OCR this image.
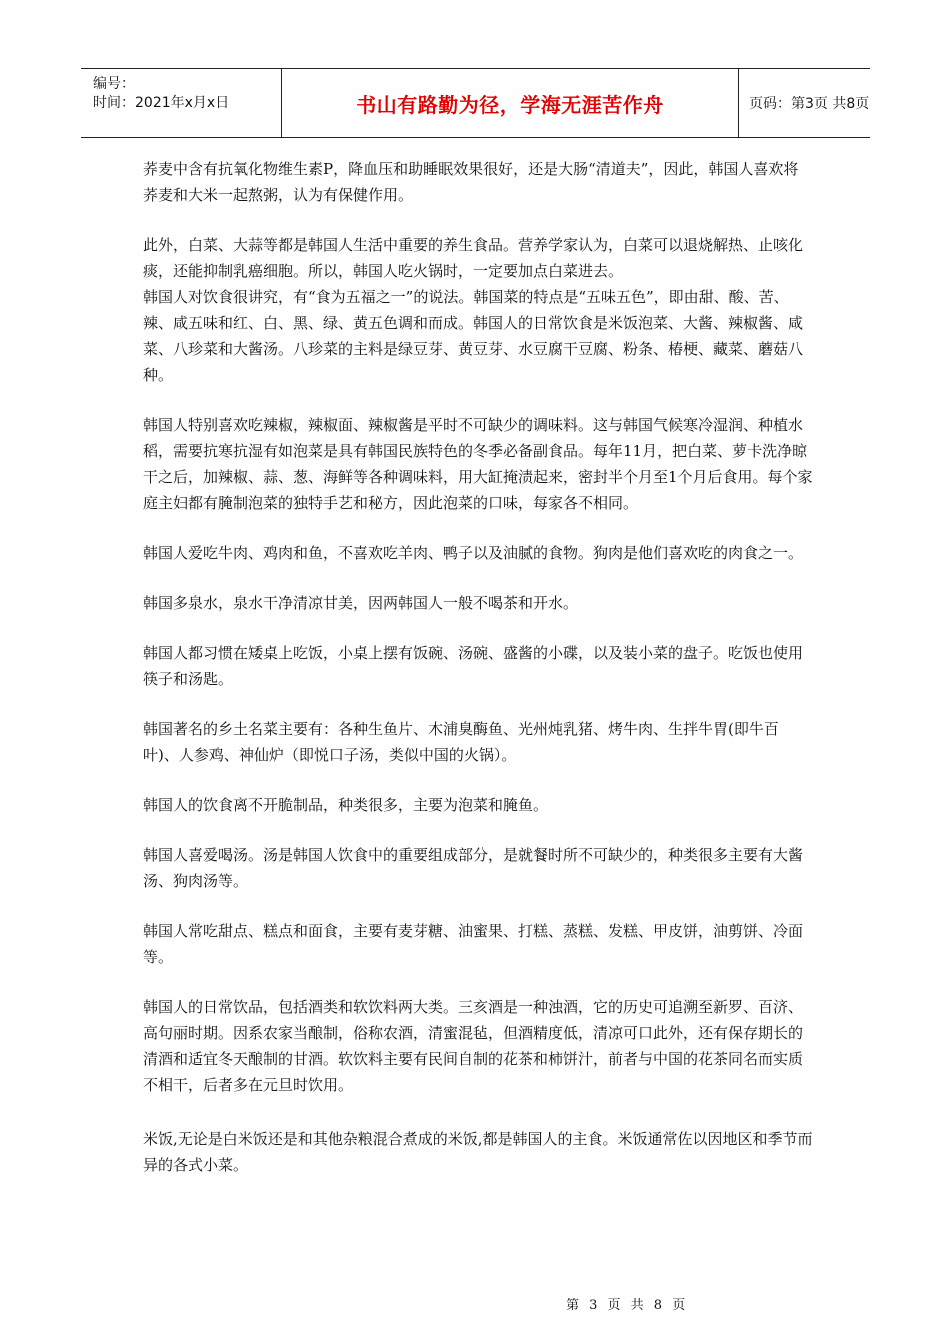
编号：
时间：2021年x月x日	书山有路勤为径，学海无涯苦作舟	页码：第3页 共8页

荞麦中含有抗氧化物维生素P，降血压和助睡眠效果很好，还是大肠“清道夫”，因此，韩国人喜欢将荞麦和大米一起熬粥，认为有保健作用。

此外，白菜、大蒜等都是韩国人生活中重要的养生食品。营养学家认为，白菜可以退烧解热、止咳化痰，还能抑制乳癌细胞。所以，韩国人吃火锅时，一定要加点白菜进去。

韩国人对饮食很讲究，有“食为五福之一”的说法。韩国菜的特点是“五味五色”，即由甜、酸、苦、辣、咸五味和红、白、黑、绿、黄五色调和而成。韩国人的日常饮食是米饭泡菜、大酱、辣椒酱、咸菜、八珍菜和大酱汤。八珍菜的主料是绿豆芽、黄豆芽、水豆腐干豆腐、粉条、椿梗、藏菜、蘑菇八种。

韩国人特别喜欢吃辣椒，辣椒面、辣椒酱是平时不可缺少的调味料。这与韩国气候寒冷湿润、种植水稻，需要抗寒抗湿有如泡菜是具有韩国民族特色的冬季必备副食品。每年11月，把白菜、萝卡洗净晾干之后，加辣椒、蒜、葱、海鲜等各种调味料，用大缸掩渍起来，密封半个月至1个月后食用。每个家庭主妇都有腌制泡菜的独特手艺和秘方，因此泡菜的口味，每家各不相同。

韩国人爱吃牛肉、鸡肉和鱼，不喜欢吃羊肉、鸭子以及油腻的食物。狗肉是他们喜欢吃的肉食之一。

韩国多泉水，泉水干净清凉甘美，因两韩国人一般不喝茶和开水。

韩国人都习惯在矮桌上吃饭，小桌上摆有饭碗、汤碗、盛酱的小碟，以及装小菜的盘子。吃饭也使用筷子和汤匙。

韩国著名的乡土名菜主要有：各种生鱼片、木浦臭酶鱼、光州炖乳猪、烤牛肉、生拌牛胃(即牛百叶)、人参鸡、神仙炉（即悦口子汤，类似中国的火锅）。

韩国人的饮食离不开脆制品，种类很多，主要为泡菜和腌鱼。

韩国人喜爱喝汤。汤是韩国人饮食中的重要组成部分，是就餐时所不可缺少的，种类很多主要有大酱汤、狗肉汤等。

韩国人常吃甜点、糕点和面食，主要有麦芽糖、油蜜果、打糕、蒸糕、发糕、甲皮饼，油剪饼、冷面等。

韩国人的日常饮品，包括酒类和软饮料两大类。三亥酒是一种浊酒，它的历史可追溯至新罗、百济、高句丽时期。因系农家当酿制，俗称农酒，清蜜混毡，但酒精度低，清凉可口此外，还有保存期长的清酒和适宜冬天酿制的甘酒。软饮料主要有民间自制的花茶和柿饼汁，前者与中国的花茶同名而实质不相干，后者多在元旦时饮用。

米饭,无论是白米饭还是和其他杂粮混合煮成的米饭,都是韩国人的主食。米饭通常佐以因地区和季节而异的各式小菜。

第 3 页 共 8 页
